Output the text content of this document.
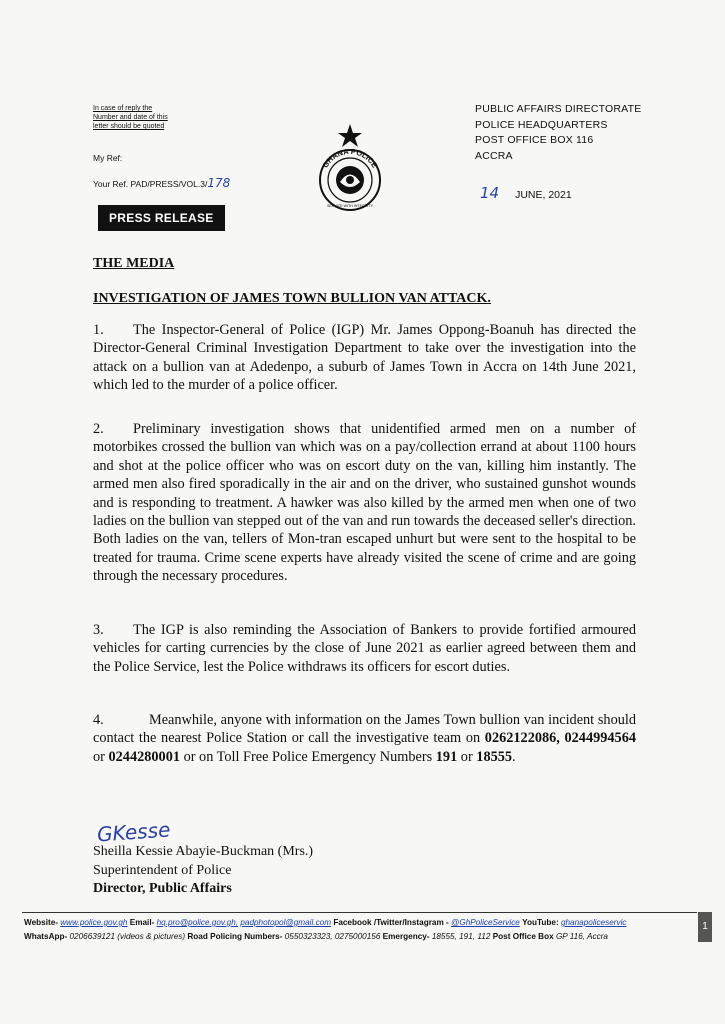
In case of reply the
Number and date of this
letter should be quoted
My Ref:
Your Ref. PAD/PRESS/VOL.3/178
GHANA POLICE
SERVICE WITH INTEGRITY
PUBLIC AFFAIRS DIRECTORATE
POLICE HEADQUARTERS
POST OFFICE BOX 116
ACCRA
14 JUNE, 2021
PRESS RELEASE
THE MEDIA
INVESTIGATION OF JAMES TOWN BULLION VAN ATTACK.
1. The Inspector-General of Police (IGP) Mr. James Oppong-Boanuh has directed the Director-General Criminal Investigation Department to take over the investigation into the attack on a bullion van at Adedenpo, a suburb of James Town in Accra on 14th June 2021, which led to the murder of a police officer.
2. Preliminary investigation shows that unidentified armed men on a number of motorbikes crossed the bullion van which was on a pay/collection errand at about 1100 hours and shot at the police officer who was on escort duty on the van, killing him instantly. The armed men also fired sporadically in the air and on the driver, who sustained gunshot wounds and is responding to treatment. A hawker was also killed by the armed men when one of two ladies on the bullion van stepped out of the van and run towards the deceased seller's direction. Both ladies on the van, tellers of Mon-tran escaped unhurt but were sent to the hospital to be treated for trauma. Crime scene experts have already visited the scene of crime and are going through the necessary procedures.
3. The IGP is also reminding the Association of Bankers to provide fortified armoured vehicles for carting currencies by the close of June 2021 as earlier agreed between them and the Police Service, lest the Police withdraws its officers for escort duties.
4.	Meanwhile, anyone with information on the James Town bullion van incident should contact the nearest Police Station or call the investigative team on 0262122086, 0244994564 or 0244280001 or on Toll Free Police Emergency Numbers 191 or 18555.
GKesse
Sheilla Kessie Abayie-Buckman (Mrs.)
Superintendent of Police
Director, Public Affairs
Website- www.police.gov.gh Email- hq.pro@police.gov.gh, padphotopol@gmail.com Facebook /Twitter/Instagram - @GhPoliceService YouTube: ghanapoliceservic
WhatsApp- 0206639121 (videos & pictures) Road Policing Numbers- 0550323323, 0275000156 Emergency- 18555, 191, 112 Post Office Box GP 116, Accra
1
